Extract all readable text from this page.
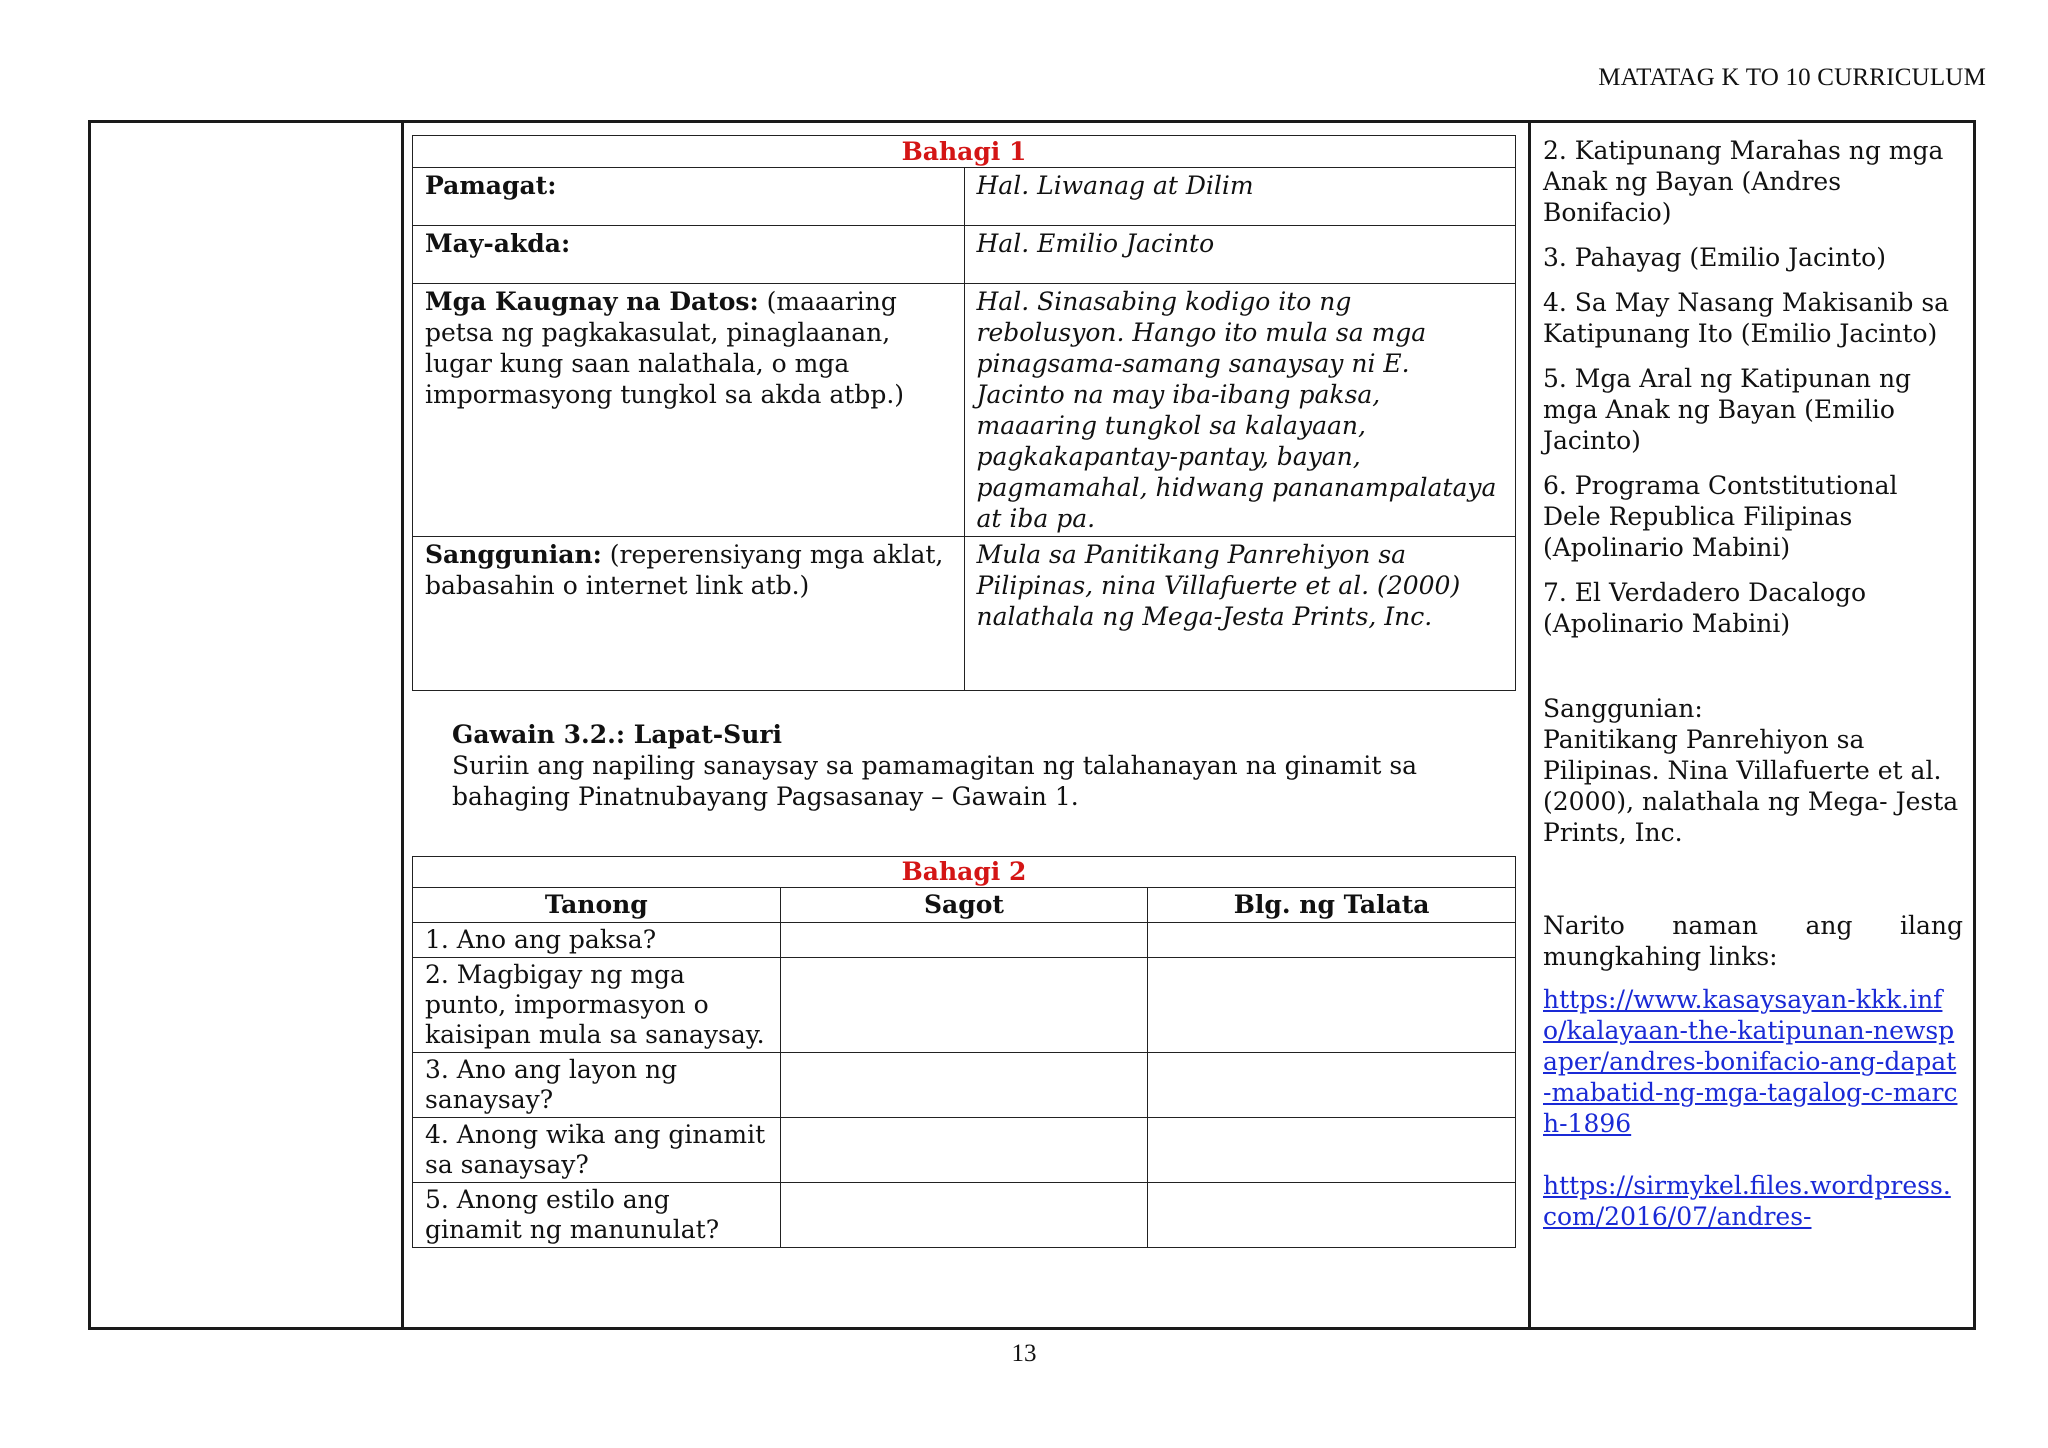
MATATAG K TO 10 CURRICULUM
Bahagi 1	
Pamagat:	Hal. Liwanag at Dilim
May-akda:	Hal. Emilio Jacinto
Mga Kaugnay na Datos: (maaaring petsa ng pagkakasulat, pinaglaanan, lugar kung saan nalathala, o mga impormasyong tungkol sa akda atbp.)	Hal. Sinasabing kodigo ito ng rebolusyon. Hango ito mula sa mga pinagsama-samang sanaysay ni E. Jacinto na may iba-ibang paksa, maaaring tungkol sa kalayaan, pagkakapantay-pantay, bayan, pagmamahal, hidwang pananampalataya at iba pa.
Sanggunian: (reperensiyang mga aklat, babasahin o internet link atb.)	Mula sa Panitikang Panrehiyon sa Pilipinas, nina Villafuerte et al. (2000) nalathala ng Mega-Jesta Prints, Inc.
Gawain 3.2.: Lapat-Suri
Suriin ang napiling sanaysay sa pamamagitan ng talahanayan na ginamit sa bahaging Pinatnubayang Pagsasanay – Gawain 1.
Bahagi 2		
Tanong	Sagot	Blg. ng Talata
1. Ano ang paksa?		
2. Magbigay ng mga punto, impormasyon o kaisipan mula sa sanaysay.		
3. Ano ang layon ng sanaysay?		
4. Anong wika ang ginamit sa sanaysay?		
5. Anong estilo ang ginamit ng manunulat?		

2. Katipunang Marahas ng mga Anak ng Bayan (Andres Bonifacio)

3. Pahayag (Emilio Jacinto)

4. Sa May Nasang Makisanib sa Katipunang Ito (Emilio Jacinto)

5. Mga Aral ng Katipunan ng mga Anak ng Bayan (Emilio Jacinto)

6. Programa Contstitutional Dele Republica Filipinas (Apolinario Mabini)

7. El Verdadero Dacalogo (Apolinario Mabini)

Sanggunian:
Panitikang Panrehiyon sa Pilipinas. Nina Villafuerte et al. (2000), nalathala ng Mega- Jesta Prints, Inc.
Narito naman ang ilang
mungkahing links:
https://www.kasaysayan-kkk.info/kalayaan-the-katipunan-newspaper/andres-bonifacio-ang-dapat-mabatid-ng-mga-tagalog-c-march-1896
https://sirmykel.files.wordpress.com/2016/07/andres-
13
